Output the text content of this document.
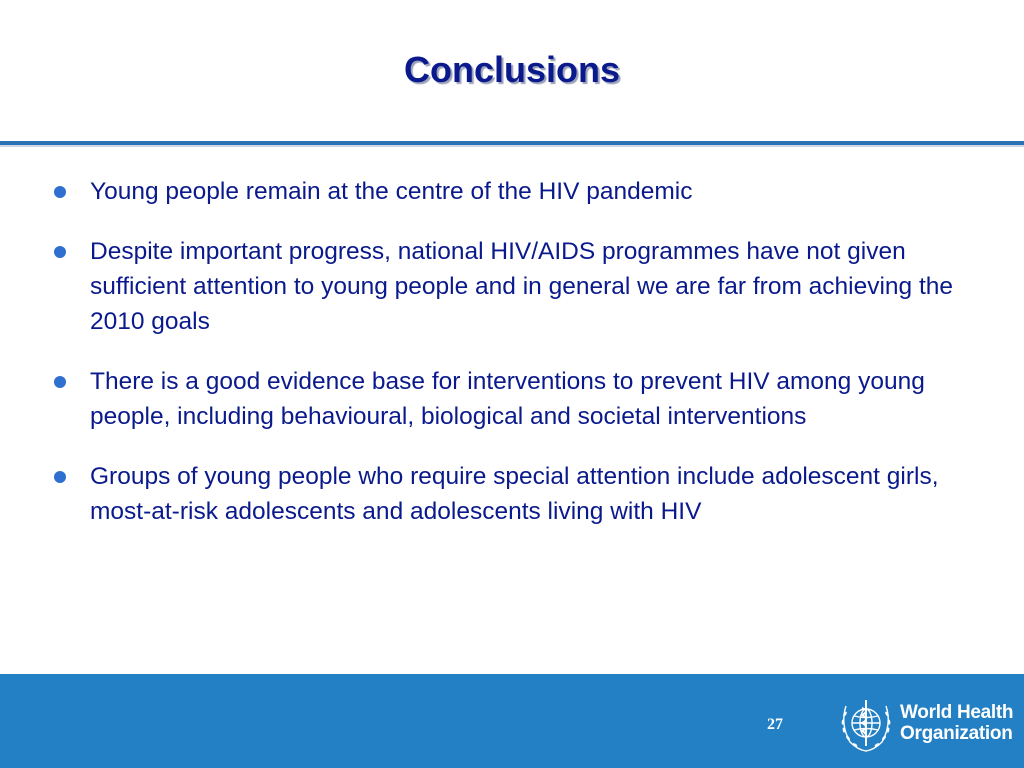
Conclusions
Young people remain at the centre of the HIV pandemic
Despite important progress, national HIV/AIDS programmes have not given sufficient attention to young people and in general we are far from achieving the 2010 goals
There is a good evidence base for interventions to prevent HIV among young people, including behavioural, biological and societal interventions
Groups of young people who require special attention include adolescent girls, most-at-risk adolescents and adolescents living with HIV
27
World Health
Organization
